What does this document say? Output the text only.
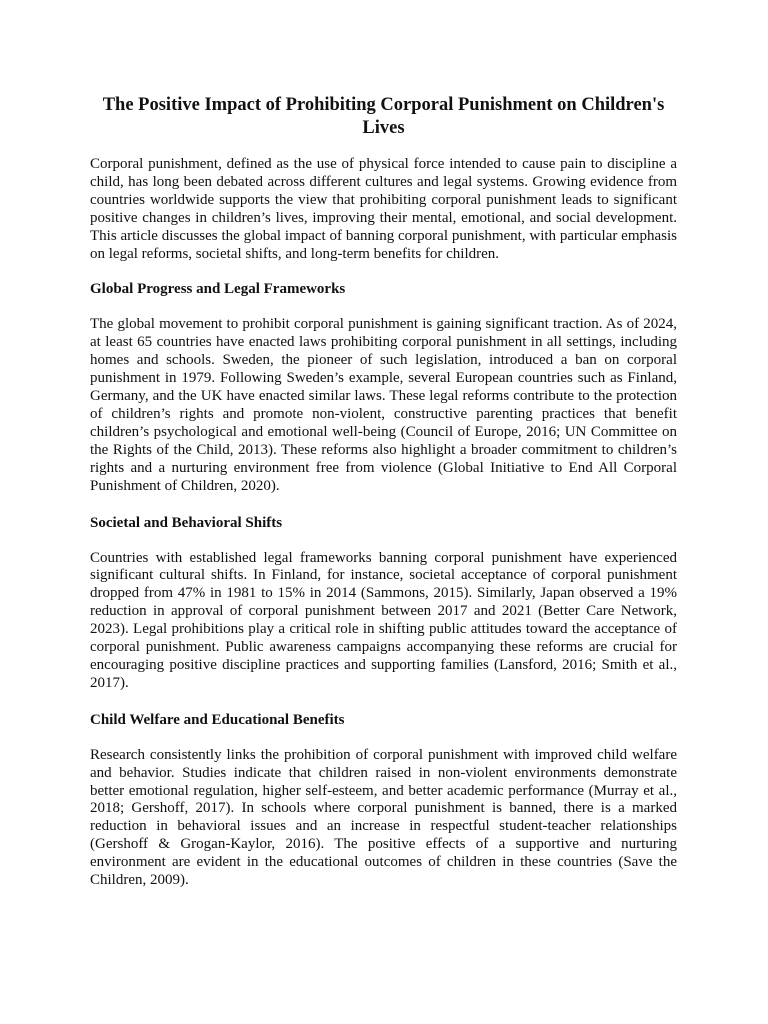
The Positive Impact of Prohibiting Corporal Punishment on Children's Lives

Corporal punishment, defined as the use of physical force intended to cause pain to discipline a child, has long been debated across different cultures and legal systems. Growing evidence from countries worldwide supports the view that prohibiting corporal punishment leads to significant positive changes in children’s lives, improving their mental, emotional, and social development. This article discusses the global impact of banning corporal punishment, with particular emphasis on legal reforms, societal shifts, and long-term benefits for children.

Global Progress and Legal Frameworks

The global movement to prohibit corporal punishment is gaining significant traction. As of 2024, at least 65 countries have enacted laws prohibiting corporal punishment in all settings, including homes and schools. Sweden, the pioneer of such legislation, introduced a ban on corporal punishment in 1979. Following Sweden’s example, several European countries such as Finland, Germany, and the UK have enacted similar laws. These legal reforms contribute to the protection of children’s rights and promote non-violent, constructive parenting practices that benefit children’s psychological and emotional well-being (Council of Europe, 2016; UN Committee on the Rights of the Child, 2013). These reforms also highlight a broader commitment to children’s rights and a nurturing environment free from violence (Global Initiative to End All Corporal Punishment of Children, 2020).

Societal and Behavioral Shifts

Countries with established legal frameworks banning corporal punishment have experienced significant cultural shifts. In Finland, for instance, societal acceptance of corporal punishment dropped from 47% in 1981 to 15% in 2014 (Sammons, 2015). Similarly, Japan observed a 19% reduction in approval of corporal punishment between 2017 and 2021 (Better Care Network, 2023). Legal prohibitions play a critical role in shifting public attitudes toward the acceptance of corporal punishment. Public awareness campaigns accompanying these reforms are crucial for encouraging positive discipline practices and supporting families (Lansford, 2016; Smith et al., 2017).

Child Welfare and Educational Benefits

Research consistently links the prohibition of corporal punishment with improved child welfare and behavior. Studies indicate that children raised in non-violent environments demonstrate better emotional regulation, higher self-esteem, and better academic performance (Murray et al., 2018; Gershoff, 2017). In schools where corporal punishment is banned, there is a marked reduction in behavioral issues and an increase in respectful student-teacher relationships (Gershoff & Grogan-Kaylor, 2016). The positive effects of a supportive and nurturing environment are evident in the educational outcomes of children in these countries (Save the Children, 2009).
